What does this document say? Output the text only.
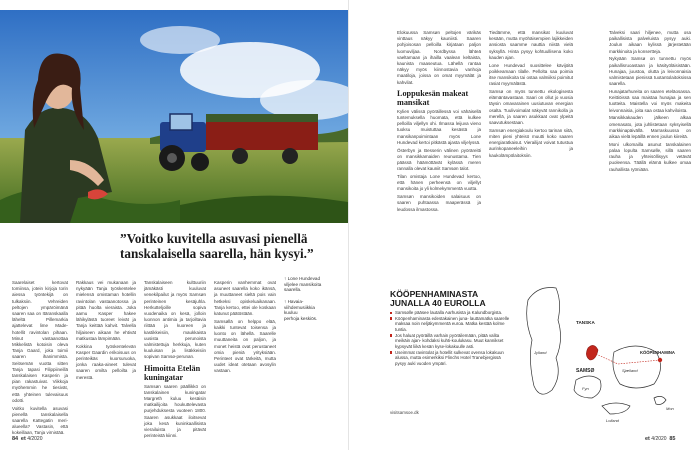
”Voitko kuvitella asuvasi pienellä tanskalaisella saarella, hän kysyi.”

Saarelaiset kertovat tomiinsa, jotein kirjoja torin aiessa työntekijä on tulkaksiin. Vehreiden peltojen ympäröimänä saaren saa on Itäranskaalla läheltä Pillemarkia ajattelevat lime Made- hotellit ravintolan pihaan. Minut vastaanottaa Mikkelistä kotoisin oleva Tanja Gaard, joka toimii saaren ihanimmista. Seitsemän vuotta sitten Tanja tapasi Filippiineillä tanskalaisen Kasperin ja pian rakastuivat. Viikkoja myöhemmin he tiesivät, että yhteinen tulevaisuus odotti.

Voitko kuvitella asuvasi pienellä tanskalaisella saarella Kattegatin meri-alueella? Vastasin, että kokeillaan, Tanja virnistää.

Rakkaus vei mukanaan ja nykyään Tanja työskentelee mielensä omistaman hotellin ravintolan vastaanotossa ja pitää huolta vieraista. Joka aamu Kasper hakee lähikylästä tuoreet leivät ja Tanja keittää kahvit. Talvella hiljaiseen aikaan he ehtivät matkustaa lämpimään.

Kokkina työskentelevän Kasper Gaardin erikoisuus on perinteikäs kuorsuruoka, jonka raaka-aineet tulevat saaren omilta pelloilta ja merestä.

Tanskalaiseen kulttuuriin jämäkästi kuuluvat venekilpailut ja myös Samsøn perinteinen kesäjuhla. Herkutteljoille sopiva vuodenaika on kesä, jolloin luonnon antimia ja tarjoiltavia riittää ja kuoreen ja kastikkeisiin, maukkaista uusista perunoista valmistettuja herkkuja, kuten kuuluisan ja lisäkkeisiin sopivan Samsø-perunan.

Himoitta Etelän kuningatar

Samsøn saaren päällikkö on tanskalainen kuningatar Margreth kuluu kesäisin matkailijoita houkuttelevasta purjehduksesta vuoteen 1800. Saaren asukkaat iloitsevat joka kesä kuninkaallisista vierailuista ja pitävät perinteistä kiinni.

Kasperin vanhemmat ovat asuneet saarella koko ikänsä, ja muuttaneet sieltä pois vain hetkeksi opiskeluaikanaan. Tanja kertoo, ettei ole koskaan katunut päätöstään.

Samsøllä on helppo elää, kaikki tuntevat toisensa ja luonto on lähellä. Saarelle muuttaneita on paljon, ja monet heistä ovat perustaneet omia pieniä yrityksiään. Perinteet ovat tärkeitä, mutta uudet ideat otetaan avosylin vastaan.

↑ Lone Hundevad
viljelee mansikoita
saarella.
↑ Havaiа-
viihdemusiikkia
kuuluu
perhoja keskiös.
84 et 4/2020

Elokuussa Samsøn peltojen värikäs vinttaus näkyy kauniisti. Saaren pohjoisosan pelloilla kirjataan paljon luomuviljaa. Nordbyssa lähteä vaeltamaan ja ihailla vaalean keltaista, kaunista maaseutua. Lähellä rantaa näkyy myös kiinnostavia vanhoja maatiloja, joissa on omat myymälät ja kahvilat.

Loppukesän makeat mansikat

Kylien välissä pyöräillessä voi vähäisellä tuntemuksella huomata, että kulkee pelloilla viljellyn ohi. Ilmassa leijuva vieno tuoksu muistuttaa kesästä ja mansikanpoimintaan myös Lone Hundevad kertoi pitkästä ajasta viljelyssä.

Österbyn ja Besserin välinen pyöräreitti on mansikkamaiden reunustama. Tien päässä häämöttävät kylässä meren rannalla olevat kauniit Samsøn talot.

Tilan omistaja Lone Hundevad kertoo, että hänen perheensä on viljellyt mansikoita jo yli kolmekymmentä vuotta.

Samsøn mansikoiden salaisuus on saaren puhtaassa maaperässä ja leudossa ilmastossa.

Tiedämme, että mansikat kuuluvat kesään, mutta myöhäisempien lajikkeiden ansiosta saamme nauttia niistä vielä syksyllä. Hinta pysyy kohtuullisena koko kauden ajan.

Lone Hundevad suosittelee kävijöitä poikkeamaan tilalle. Pellolta saa poimia itse mansikoita tai ostaa valmiiksi poimitut rasiat myymälästä.

Samsø on myös tunnettu ekologisesta elämäntavastaan. Saari on ollut jo vuosia täysin omavarainen uusiutuvan energian osalta. Tuulivoimalat näkyvät rannikolla ja merellä, ja saaren asukkaat ovat ylpeitä saavutuksestaan.

Samsøn energiakoulu kertoo tarinan siitä, miten pieni yhteisö muutti koko saaren energiaratkaisut. Vierailijat voivat tutustua aurinkopaneeleihin ja kaukolämpölaitoksiin.

Talveksi saari hiljenee, mutta osa paikallisista palveluista pysyy auki. Joulun aikaan kylissä järjestetään markkinoita ja konsertteja.

Nykyään Samsø on tunnettu myös paikallisruoastaan ja käsityöläisistään. Hunajaa, juustoa, olutta ja leivonnaisia valmistetaan pienissä tuotantolaitoksissa saarella.

Hunajatarhureita on saaren eteläosassa. Keittiöissä saa maistaa hunajaa ja sen tuotteita. Maistella voi myös makeita leivonnaisia, joita saa ostaa kahviloista.

Mansikkakauden jälkeen alkaa omenasato, jota juhlistetaan syksyisellä markkinapäivällä. Marraskuussa on aikaa vielä lepäillä ennen joulun kiireitä.

Moni ulkomailla asunut tanskalainen palaa lopulta Samsølle, sillä saaren rauha ja yhteisöllisyys vetävät puoleensa. Täällä elämä kulkee omaa rauhallista rytmiään.

et 4/2020 85
KÖÖPENHAMINASTA JUNALLA 40 EUROLLA
Samsølle pääsee lautalla Aarhusista ja Kalundborgista.
Kööpenhaminasta edestakainen juna- lauttamatka saarelle maksaa noin neljäkymmentä euroa. Matka kestää kolme tuntia.
Jos haluat pyöräillä varhain pyöräilemään, pitää valita meikäin ajan- kohdaksi kuhti-koulukasu. Muut kannikset kypsyvät liikä kesän kyse-lokakuulle asti.
Useimmat ravintolat ja hotellit sulkevat ovensa lokakuun alussa, mutta esimerkiksi Flinchs Hotel Tranebjergissä pysyy auki vuoden ympäri.
visitsamsoe.dk
TANSKA
SAMSØ
KÖÖPENHAMINA
Jylland
Fyn
Sjælland
Lolland
Mon
